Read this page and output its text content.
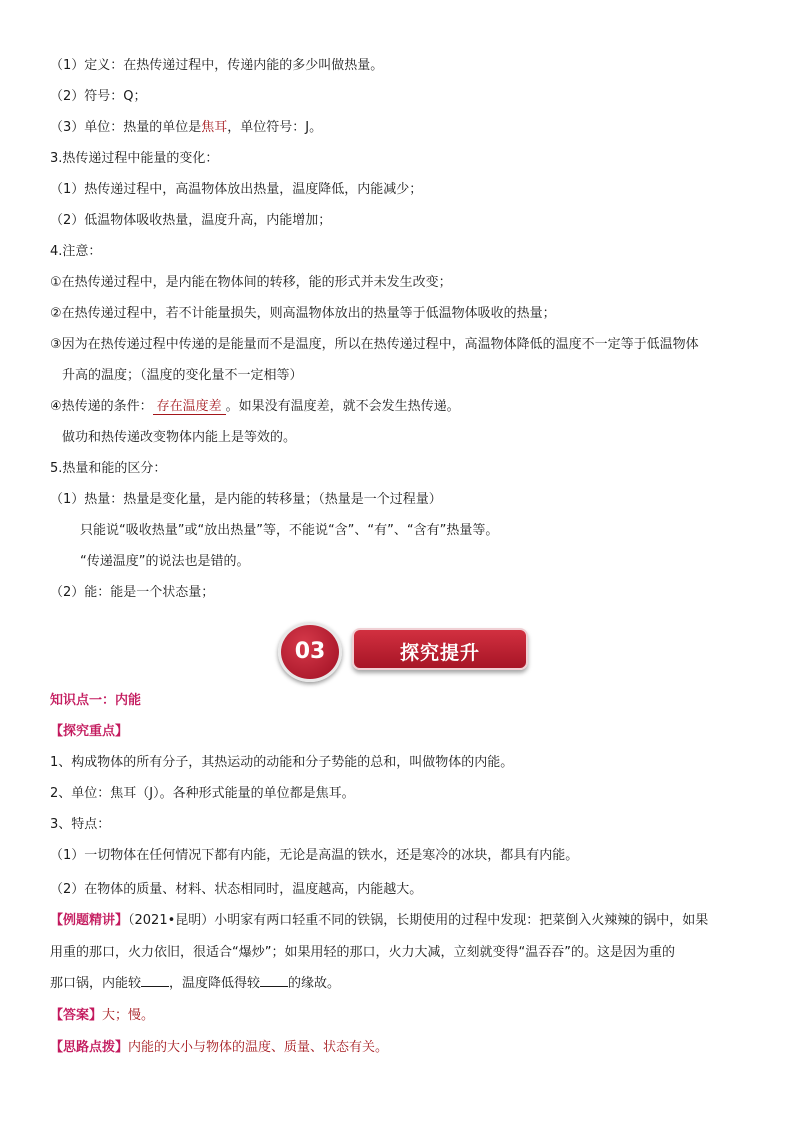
（1）定义：在热传递过程中，传递内能的多少叫做热量。
（2）符号：Q；
（3）单位：热量的单位是焦耳，单位符号：J。
3.热传递过程中能量的变化：
（1）热传递过程中，高温物体放出热量，温度降低，内能减少；
（2）低温物体吸收热量，温度升高，内能增加；
4.注意：
①在热传递过程中，是内能在物体间的转移，能的形式并未发生改变；
②在热传递过程中，若不计能量损失，则高温物体放出的热量等于低温物体吸收的热量；
③因为在热传递过程中传递的是能量而不是温度，所以在热传递过程中，高温物体降低的温度不一定等于低温物体
升高的温度；（温度的变化量不一定相等）
④热传递的条件： 存在温度差 。如果没有温度差，就不会发生热传递。
做功和热传递改变物体内能上是等效的。
5.热量和能的区分：
（1）热量：热量是变化量，是内能的转移量；（热量是一个过程量）
只能说“吸收热量”或“放出热量”等，不能说“含”、“有”、“含有”热量等。
“传递温度”的说法也是错的。
（2）能：能是一个状态量；
03	探究提升
知识点一：内能
【探究重点】
1、构成物体的所有分子，其热运动的动能和分子势能的总和，叫做物体的内能。
2、单位：焦耳（J）。各种形式能量的单位都是焦耳。
3、特点：
（1）一切物体在任何情况下都有内能，无论是高温的铁水，还是寒冷的冰块，都具有内能。
（2）在物体的质量、材料、状态相同时，温度越高，内能越大。
【例题精讲】（2021•昆明）小明家有两口轻重不同的铁锅，长期使用的过程中发现：把菜倒入火辣辣的锅中，如果
用重的那口，火力依旧，很适合“爆炒”；如果用轻的那口，火力大减，立刻就变得“温吞吞”的。这是因为重的
那口锅，内能较 ，温度降低得较 的缘故。
【答案】大；慢。
【思路点拨】内能的大小与物体的温度、质量、状态有关。
